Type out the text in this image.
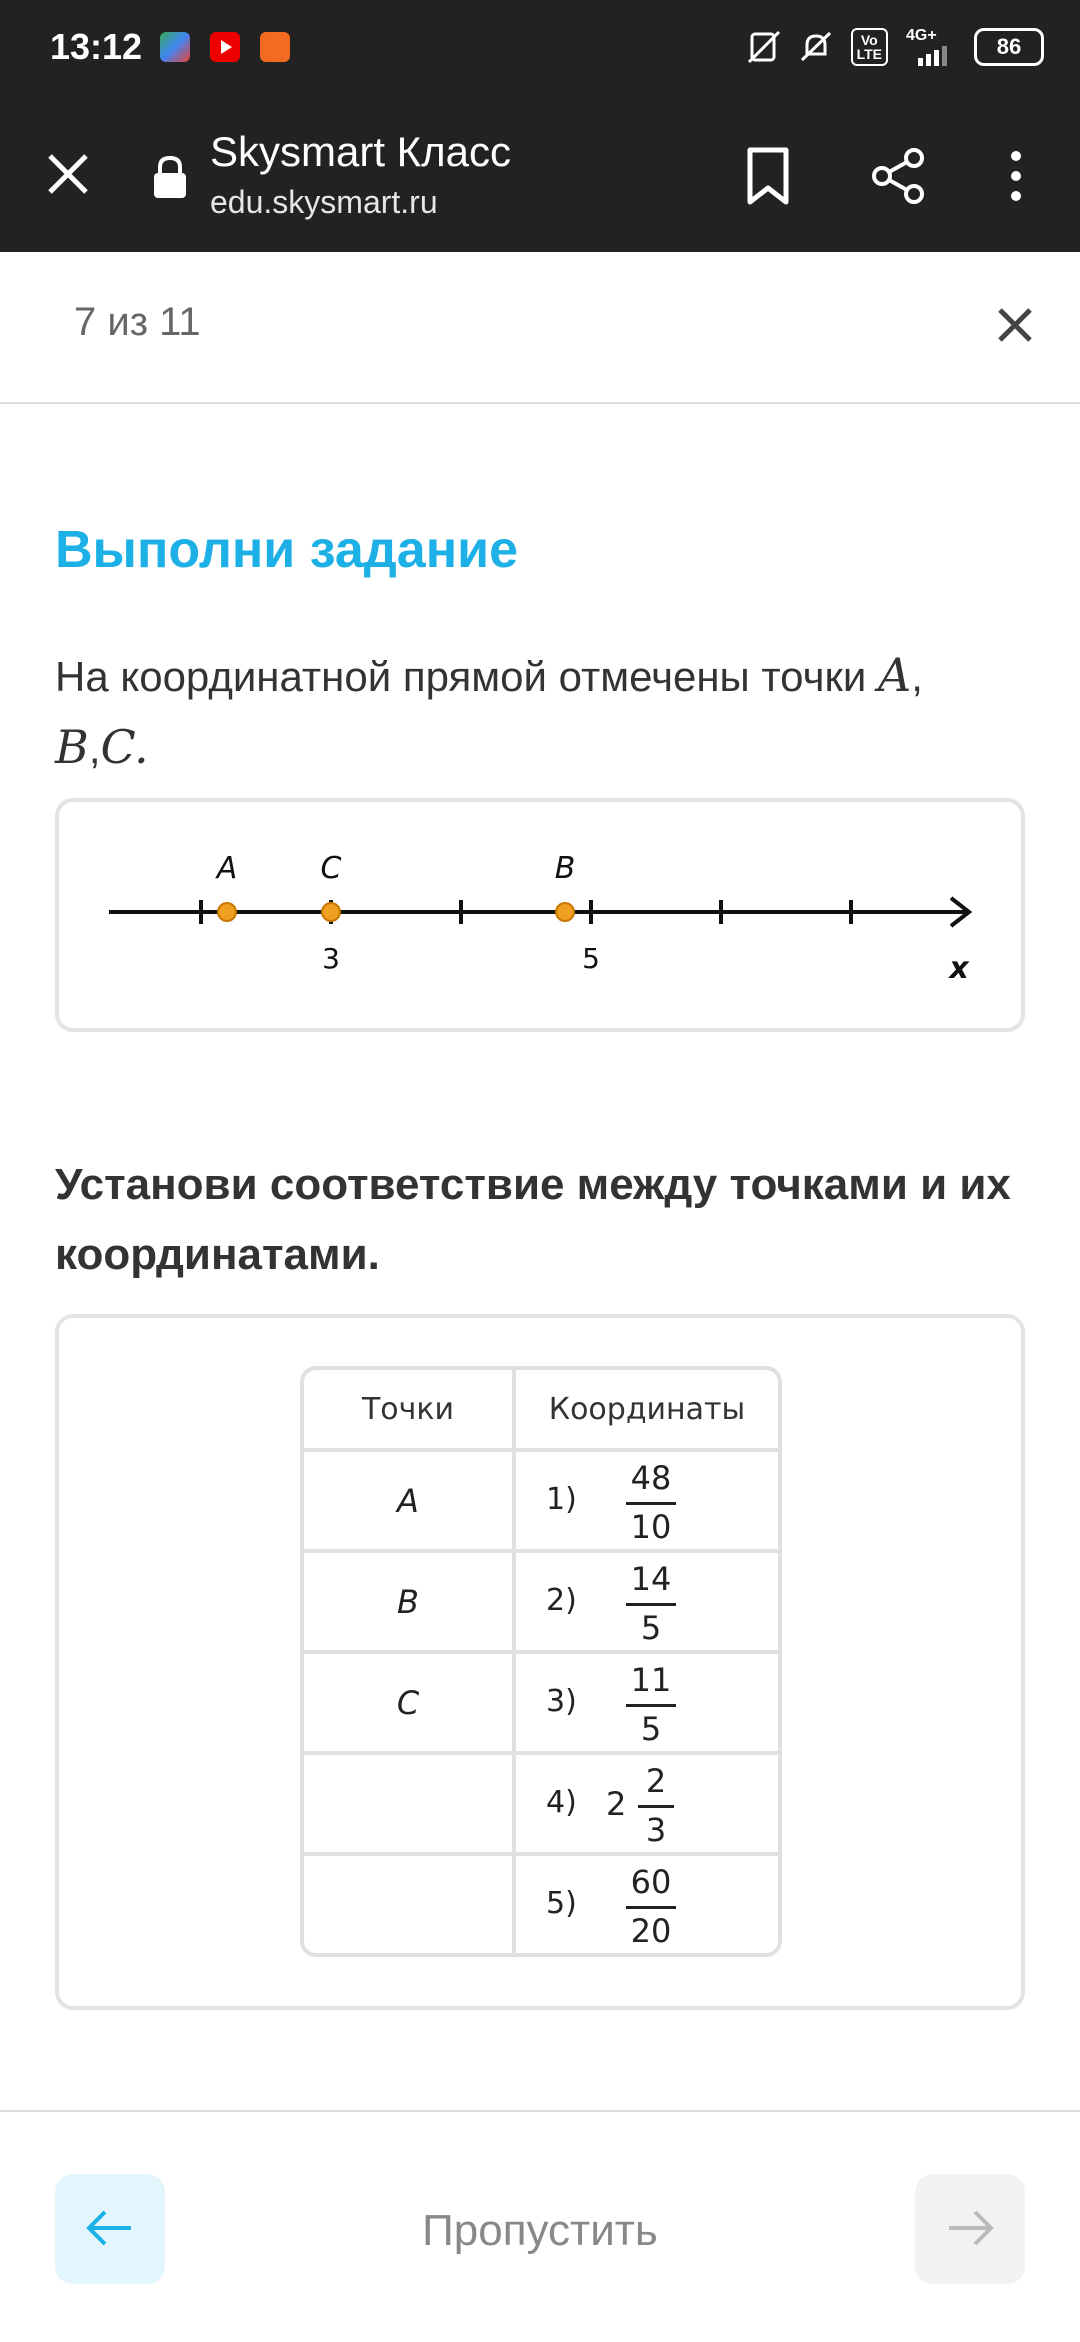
13:12	Vo
LTE
4G+	86
Skysmart Класс
edu.skysmart.ru
7 из 11
Выполни задание
На координатной прямой отмечены точки A,
B,C.
A	C	B
3	5	x
Установи соответствие между точками и их координатами.
Точки	Координаты
A	$1) \frac{48}{10}$

B	$2) \frac{14}{5}$

C	$3) \frac{11}{5}$

	4) $2 \frac{2}{3}$

	$5) \frac{60}{20}$
Пропустить
